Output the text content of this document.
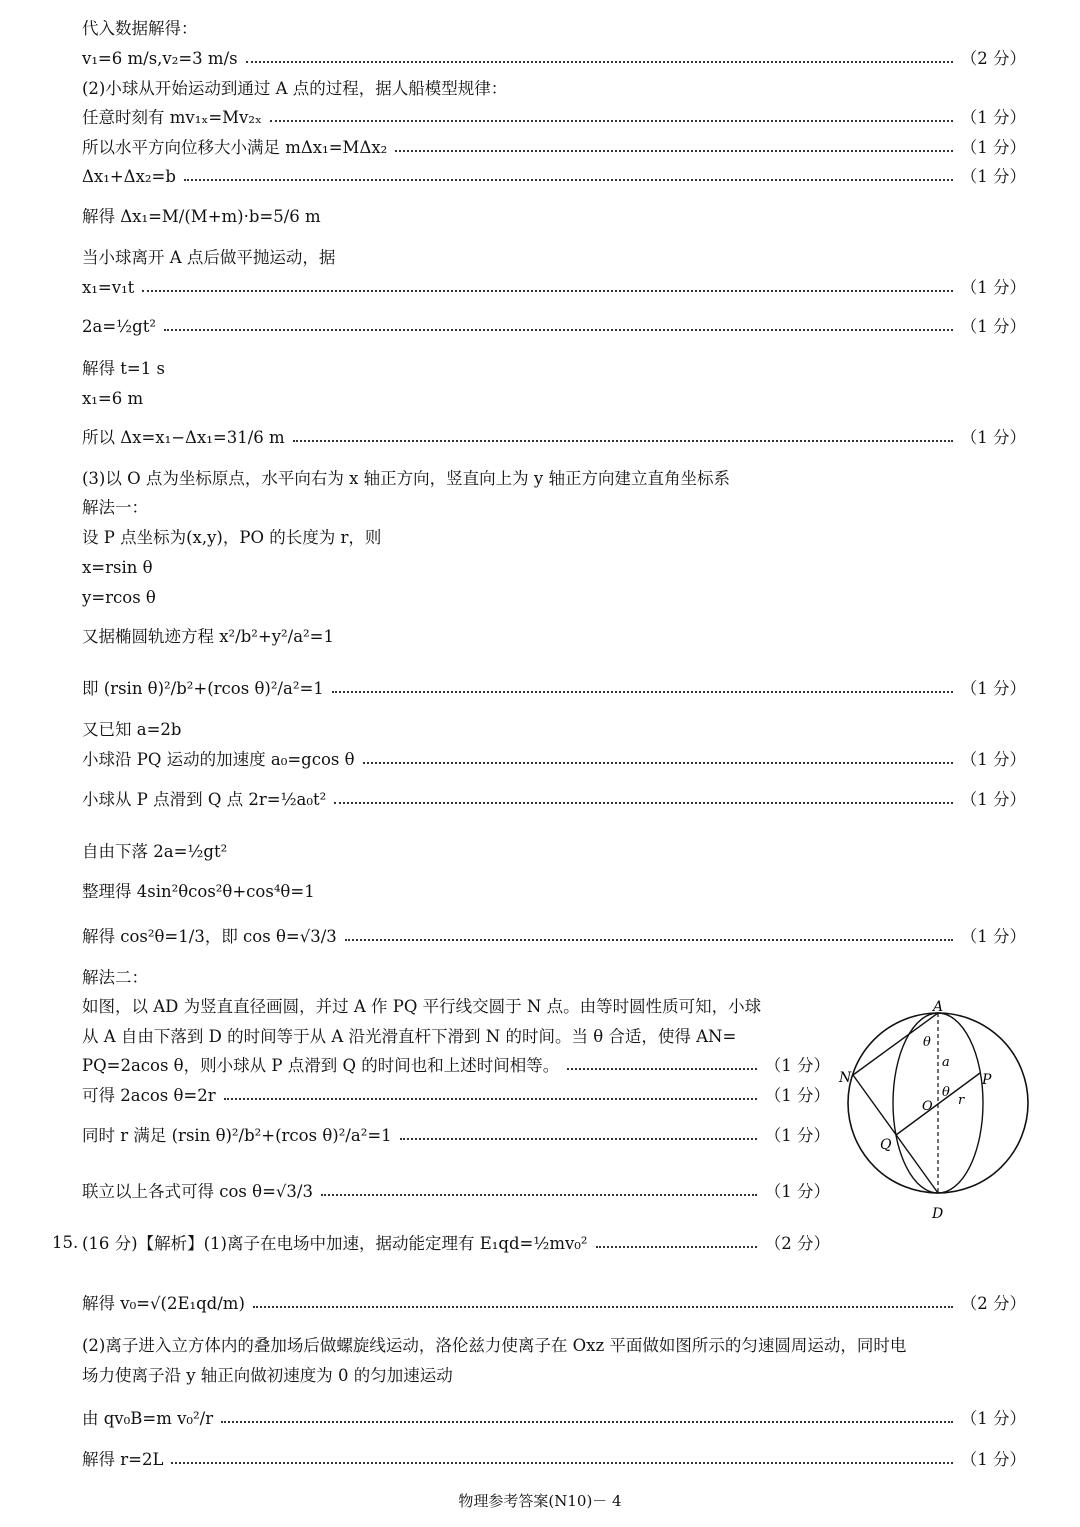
代入数据解得：
v₁=6 m/s,v₂=3 m/s	（2 分）
(2)小球从开始运动到通过 A 点的过程，据人船模型规律：
任意时刻有 mv₁ₓ=Mv₂ₓ	（1 分）
所以水平方向位移大小满足 mΔx₁=MΔx₂	（1 分）
Δx₁+Δx₂=b	（1 分）
解得 Δx₁=M/(M+m)·b=5/6 m
当小球离开 A 点后做平抛运动，据
x₁=v₁t	（1 分）
2a=½gt²	（1 分）
解得 t=1 s
x₁=6 m
所以 Δx=x₁−Δx₁=31/6 m	（1 分）
(3)以 O 点为坐标原点，水平向右为 x 轴正方向，竖直向上为 y 轴正方向建立直角坐标系
解法一：
设 P 点坐标为(x,y)，PO 的长度为 r，则
x=rsin θ
y=rcos θ
又据椭圆轨迹方程 x²/b²+y²/a²=1
即 (rsin θ)²/b²+(rcos θ)²/a²=1	（1 分）
又已知 a=2b
小球沿 PQ 运动的加速度 a₀=gcos θ	（1 分）
小球从 P 点滑到 Q 点 2r=½a₀t²	（1 分）
自由下落 2a=½gt²
整理得 4sin²θcos²θ+cos⁴θ=1
解得 cos²θ=1/3，即 cos θ=√3/3	（1 分）
解法二：
如图，以 AD 为竖直直径画圆，并过 A 作 PQ 平行线交圆于 N 点。由等时圆性质可知，小球
从 A 自由下落到 D 的时间等于从 A 沿光滑直杆下滑到 N 的时间。当 θ 合适，使得 AN=
PQ=2acos θ，则小球从 P 点滑到 Q 的时间也和上述时间相等。	（1 分）
可得 2acos θ=2r	（1 分）
同时 r 满足 (rsin θ)²/b²+(rcos θ)²/a²=1	（1 分）
联立以上各式可得 cos θ=√3/3	（1 分）
A
D
N	P
Q
O
θ
θ
a
r
15. (16 分)【解析】(1)离子在电场中加速，据动能定理有 E₁qd=½mv₀²	（2 分）
解得 v₀=√(2E₁qd/m)	（2 分）
(2)离子进入立方体内的叠加场后做螺旋线运动，洛伦兹力使离子在 Oxz 平面做如图所示的匀速圆周运动，同时电
场力使离子沿 y 轴正向做初速度为 0 的匀加速运动
由 qv₀B=m v₀²/r	（1 分）
解得 r=2L	（1 分）
物理参考答案(N10)－ 4
